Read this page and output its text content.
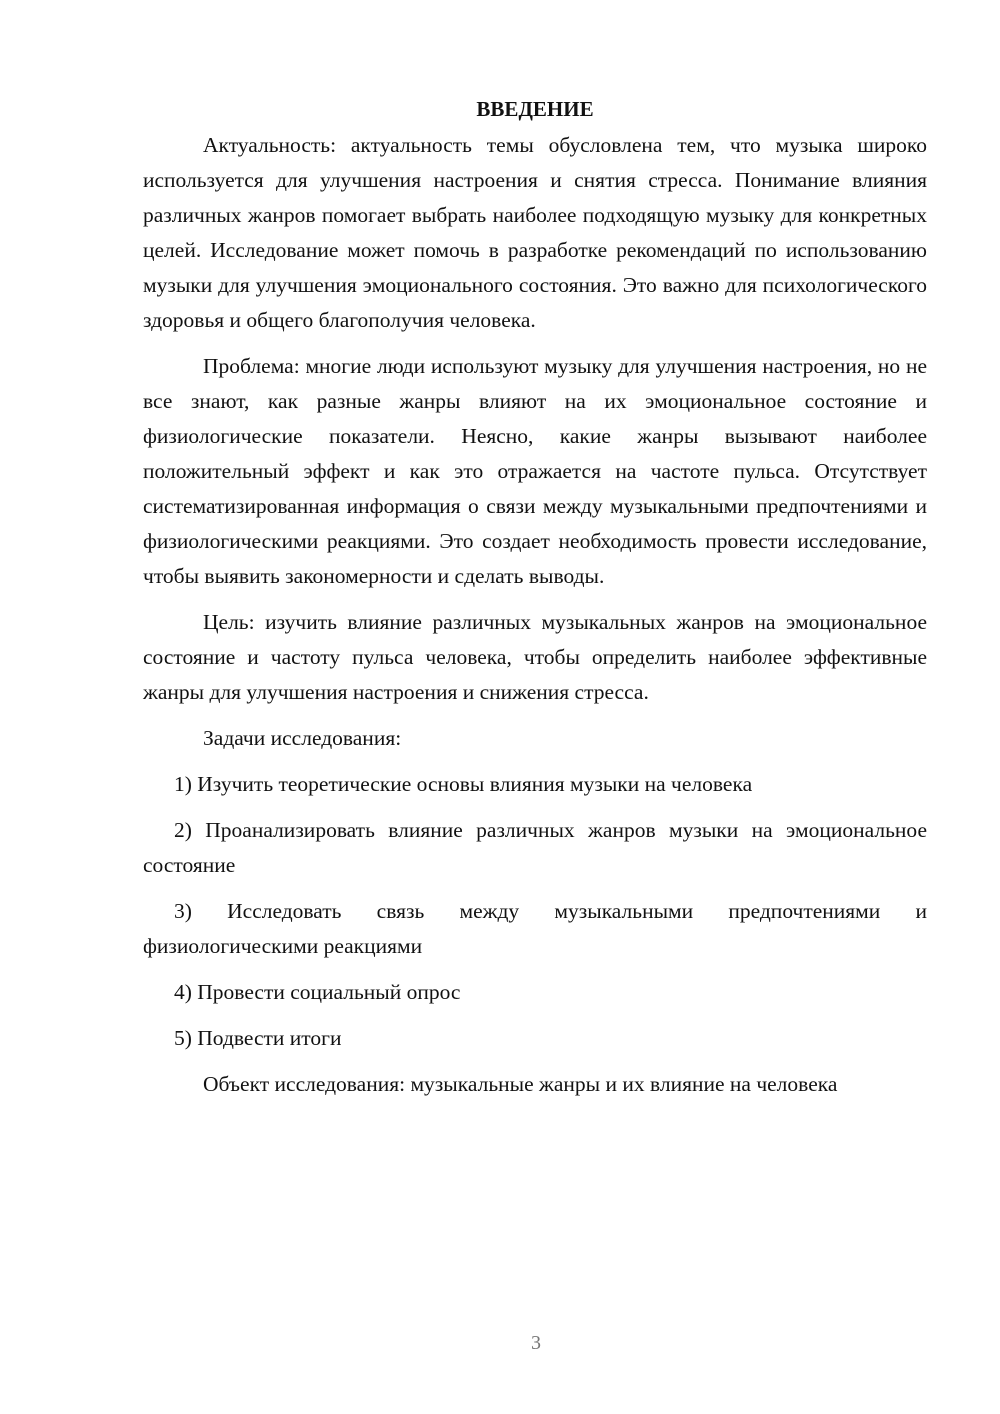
ВВЕДЕНИЕ

Актуальность: актуальность темы обусловлена тем, что музыка широко используется для улучшения настроения и снятия стресса. Понимание влияния различных жанров помогает выбрать наиболее подходящую музыку для конкретных целей. Исследование может помочь в разработке рекомендаций по использованию музыки для улучшения эмоционального состояния. Это важно для психологического здоровья и общего благополучия человека.

Проблема: многие люди используют музыку для улучшения настроения, но не все знают, как разные жанры влияют на их эмоциональное состояние и физиологические показатели. Неясно, какие жанры вызывают наиболее положительный эффект и как это отражается на частоте пульса. Отсутствует систематизированная информация о связи между музыкальными предпочтениями и физиологическими реакциями. Это создает необходимость провести исследование, чтобы выявить закономерности и сделать выводы.

Цель: изучить влияние различных музыкальных жанров на эмоциональное состояние и частоту пульса человека, чтобы определить наиболее эффективные жанры для улучшения настроения и снижения стресса.

Задачи исследования:

1) Изучить теоретические основы влияния музыки на человека

2) Проанализировать влияние различных жанров музыки на эмоциональное состояние

3) Исследовать связь между музыкальными предпочтениями и физиологическими реакциями

4) Провести социальный опрос

5) Подвести итоги

Объект исследования: музыкальные жанры и их влияние на человека

3
